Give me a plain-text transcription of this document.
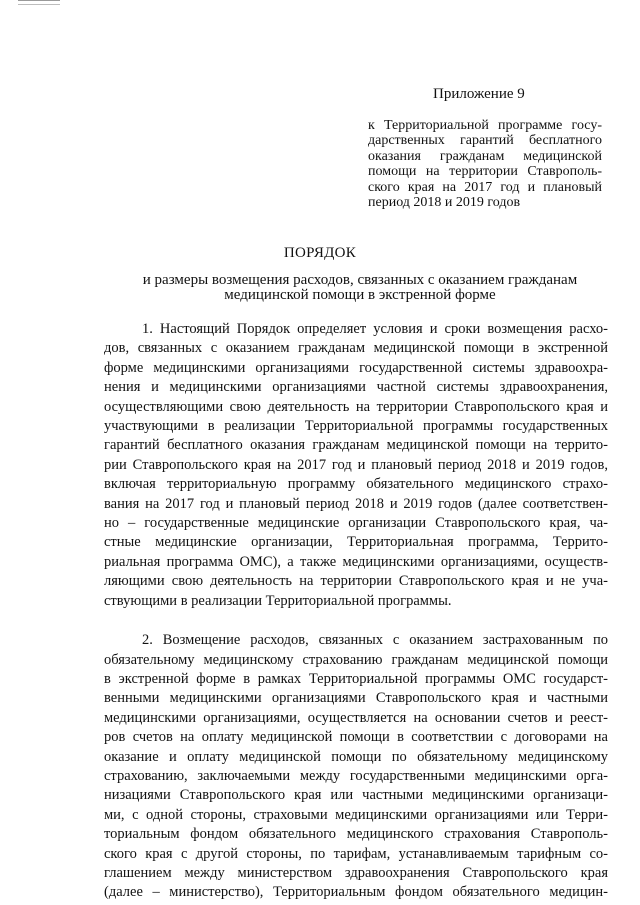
Приложение 9
к Территориальной программе госу-
дарственных гарантий бесплатного
оказания гражданам медицинской
помощи на территории Ставрополь-
ского края на 2017 год и плановый
период 2018 и 2019 годов
ПОРЯДОК
и размеры возмещения расходов, связанных с оказанием гражданам
медицинской помощи в экстренной форме
1. Настоящий Порядок определяет условия и сроки возмещения расхо-
дов, связанных с оказанием гражданам медицинской помощи в экстренной
форме медицинскими организациями государственной системы здравоохра-
нения и медицинскими организациями частной системы здравоохранения,
осуществляющими свою деятельность на территории Ставропольского края и
участвующими в реализации Территориальной программы государственных
гарантий бесплатного оказания гражданам медицинской помощи на террито-
рии Ставропольского края на 2017 год и плановый период 2018 и 2019 годов,
включая территориальную программу обязательного медицинского страхо-
вания на 2017 год и плановый период 2018 и 2019 годов (далее соответствен-
но – государственные медицинские организации Ставропольского края, ча-
стные медицинские организации, Территориальная программа, Террито-
риальная программа ОМС), а также медицинскими организациями, осуществ-
ляющими свою деятельность на территории Ставропольского края и не уча-
ствующими в реализации Территориальной программы.
2. Возмещение расходов, связанных с оказанием застрахованным по
обязательному медицинскому страхованию гражданам медицинской помощи
в экстренной форме в рамках Территориальной программы ОМС государст-
венными медицинскими организациями Ставропольского края и частными
медицинскими организациями, осуществляется на основании счетов и реест-
ров счетов на оплату медицинской помощи в соответствии с договорами на
оказание и оплату медицинской помощи по обязательному медицинскому
страхованию, заключаемыми между государственными медицинскими орга-
низациями Ставропольского края или частными медицинскими организаци-
ми, с одной стороны, страховыми медицинскими организациями или Терри-
ториальным фондом обязательного медицинского страхования Ставрополь-
ского края с другой стороны, по тарифам, устанавливаемым тарифным со-
глашением между министерством здравоохранения Ставропольского края
(далее – министерство), Территориальным фондом обязательного медицин-
